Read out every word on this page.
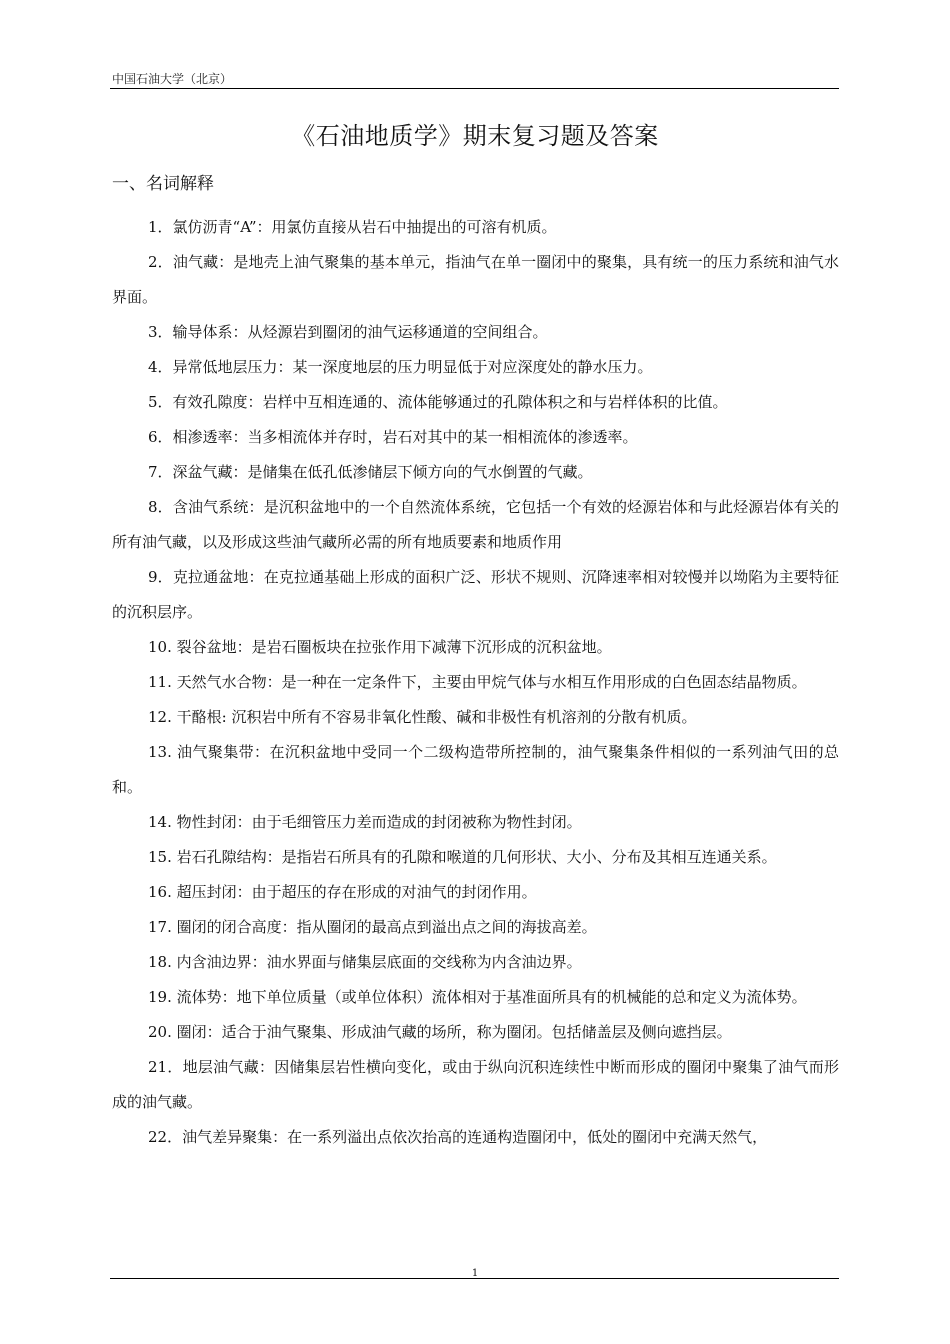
中国石油大学（北京）
《石油地质学》期末复习题及答案
一、名词解释
1．氯仿沥青“A”：用氯仿直接从岩石中抽提出的可溶有机质。
2．油气藏：是地壳上油气聚集的基本单元，指油气在单一圈闭中的聚集，具有统一的压力系统和油气水界面。
3．输导体系：从烃源岩到圈闭的油气运移通道的空间组合。
4．异常低地层压力：某一深度地层的压力明显低于对应深度处的静水压力。
5．有效孔隙度：岩样中互相连通的、流体能够通过的孔隙体积之和与岩样体积的比值。
6．相渗透率：当多相流体并存时，岩石对其中的某一相相流体的渗透率。
7．深盆气藏：是储集在低孔低渗储层下倾方向的气水倒置的气藏。
8．含油气系统：是沉积盆地中的一个自然流体系统，它包括一个有效的烃源岩体和与此烃源岩体有关的所有油气藏，以及形成这些油气藏所必需的所有地质要素和地质作用
9．克拉通盆地：在克拉通基础上形成的面积广泛、形状不规则、沉降速率相对较慢并以坳陷为主要特征的沉积层序。
10. 裂谷盆地：是岩石圈板块在拉张作用下减薄下沉形成的沉积盆地。
11. 天然气水合物：是一种在一定条件下，主要由甲烷气体与水相互作用形成的白色固态结晶物质。
12. 干酪根: 沉积岩中所有不容易非氧化性酸、碱和非极性有机溶剂的分散有机质。
13. 油气聚集带：在沉积盆地中受同一个二级构造带所控制的，油气聚集条件相似的一系列油气田的总和。
14. 物性封闭：由于毛细管压力差而造成的封闭被称为物性封闭。
15. 岩石孔隙结构：是指岩石所具有的孔隙和喉道的几何形状、大小、分布及其相互连通关系。
16. 超压封闭：由于超压的存在形成的对油气的封闭作用。
17. 圈闭的闭合高度：指从圈闭的最高点到溢出点之间的海拔高差。
18. 内含油边界：油水界面与储集层底面的交线称为内含油边界。
19. 流体势：地下单位质量（或单位体积）流体相对于基准面所具有的机械能的总和定义为流体势。
20. 圈闭：适合于油气聚集、形成油气藏的场所，称为圈闭。包括储盖层及侧向遮挡层。
21．地层油气藏：因储集层岩性横向变化，或由于纵向沉积连续性中断而形成的圈闭中聚集了油气而形成的油气藏。
22．油气差异聚集：在一系列溢出点依次抬高的连通构造圈闭中，低处的圈闭中充满天然气，
1
